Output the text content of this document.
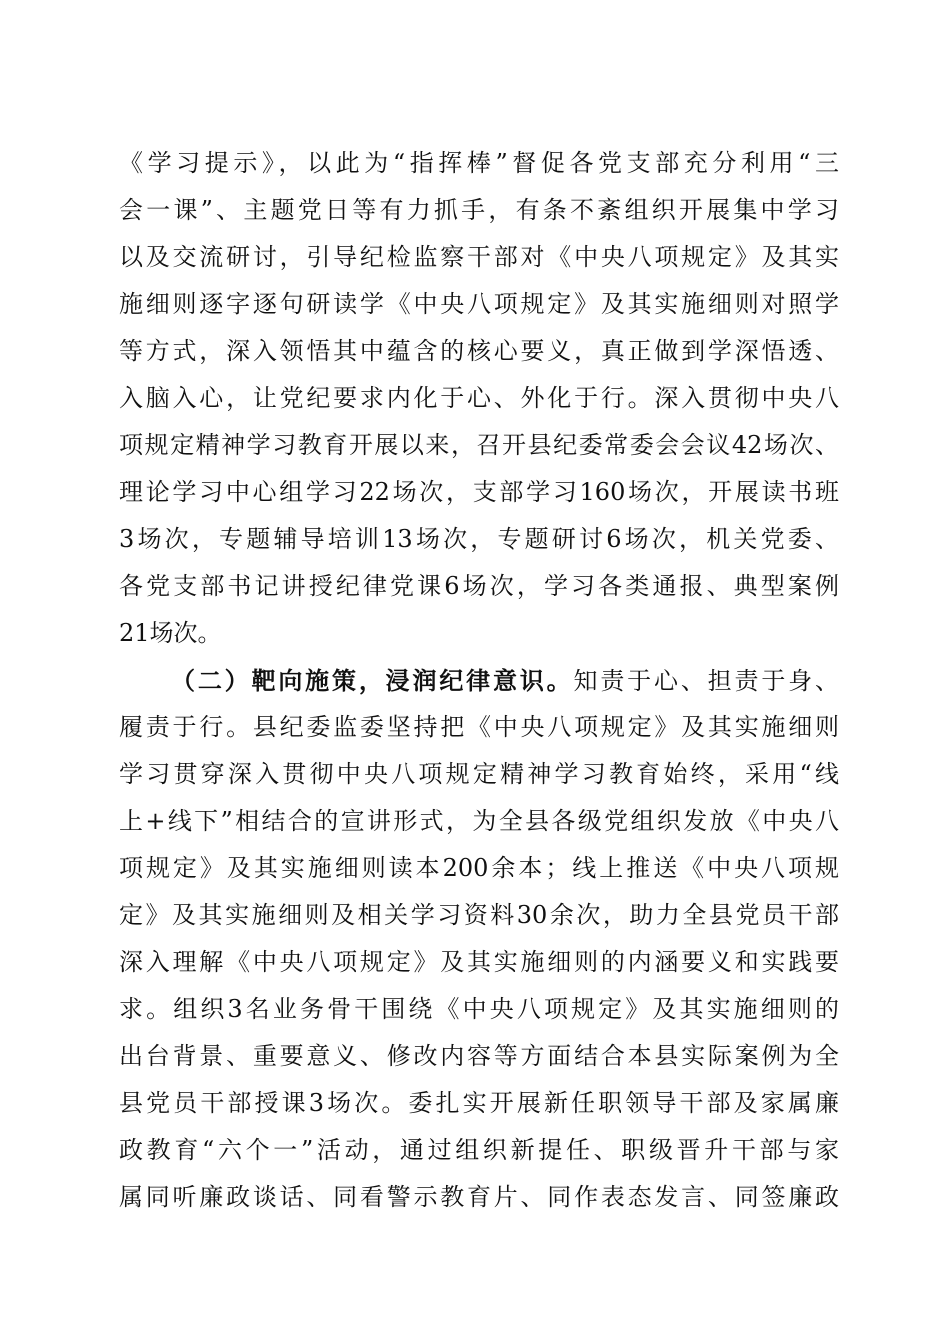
《学习提示》，以此为“指挥棒”督促各党支部充分利用“三
会一课”、主题党日等有力抓手，有条不紊组织开展集中学习
以及交流研讨，引导纪检监察干部对《中央八项规定》及其实
施细则逐字逐句研读学《中央八项规定》及其实施细则对照学
等方式，深入领悟其中蕴含的核心要义，真正做到学深悟透、
入脑入心，让党纪要求内化于心、外化于行。深入贯彻中央八
项规定精神学习教育开展以来，召开县纪委常委会会议42场次、
理论学习中心组学习22场次，支部学习160场次，开展读书班
3场次，专题辅导培训13场次，专题研讨6场次，机关党委、
各党支部书记讲授纪律党课6场次，学习各类通报、典型案例
21场次。
（二）靶向施策，浸润纪律意识。知责于心、担责于身、
履责于行。县纪委监委坚持把《中央八项规定》及其实施细则
学习贯穿深入贯彻中央八项规定精神学习教育始终，采用“线
上+线下”相结合的宣讲形式，为全县各级党组织发放《中央八
项规定》及其实施细则读本200余本；线上推送《中央八项规
定》及其实施细则及相关学习资料30余次，助力全县党员干部
深入理解《中央八项规定》及其实施细则的内涵要义和实践要
求。组织3名业务骨干围绕《中央八项规定》及其实施细则的
出台背景、重要意义、修改内容等方面结合本县实际案例为全
县党员干部授课3场次。委扎实开展新任职领导干部及家属廉
政教育“六个一”活动，通过组织新提任、职级晋升干部与家
属同听廉政谈话、同看警示教育片、同作表态发言、同签廉政
